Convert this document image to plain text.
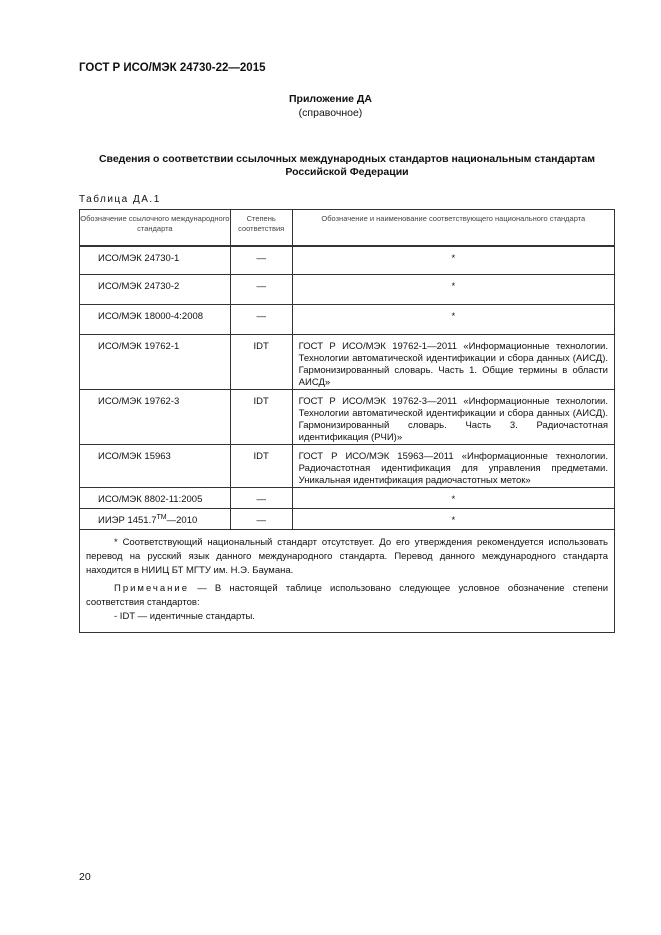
ГОСТ Р ИСО/МЭК 24730-22—2015
Приложение ДА
(справочное)
Сведения о соответствии ссылочных международных стандартов национальным стандартам Российской Федерации
Таблица ДА.1
Обозначение ссылочного международного стандарта	Степень соответствия	Обозначение и наименование соответствующего национального стандарта
ИСО/МЭК 24730-1	—	*
ИСО/МЭК 24730-2	—	*
ИСО/МЭК 18000-4:2008	—	*
ИСО/МЭК 19762-1	IDT	ГОСТ Р ИСО/МЭК 19762-1—2011 «Информационные технологии. Технологии автоматической идентификации и сбора данных (АИСД). Гармонизированный словарь. Часть 1. Общие термины в области АИСД»
ИСО/МЭК 19762-3	IDT	ГОСТ Р ИСО/МЭК 19762-3—2011 «Информационные технологии. Технологии автоматической идентификации и сбора данных (АИСД). Гармонизированный словарь. Часть 3. Радиочастотная идентификация (РЧИ)»
ИСО/МЭК 15963	IDT	ГОСТ Р ИСО/МЭК 15963—2011 «Информационные технологии. Радиочастотная идентификация для управления предметами. Уникальная идентификация радиочастотных меток»
ИСО/МЭК 8802-11:2005	—	*
ИИЭР 1451.7™—2010	—	*

* Соответствующий национальный стандарт отсутствует. До его утверждения рекомендуется использовать перевод на русский язык данного международного стандарта. Перевод данного международного стандарта находится в НИИЦ БТ МГТУ им. Н.Э. Баумана.
Примечание — В настоящей таблице использовано следующее условное обозначение степени соответствия стандартов:
- IDT — идентичные стандарты.		
20
